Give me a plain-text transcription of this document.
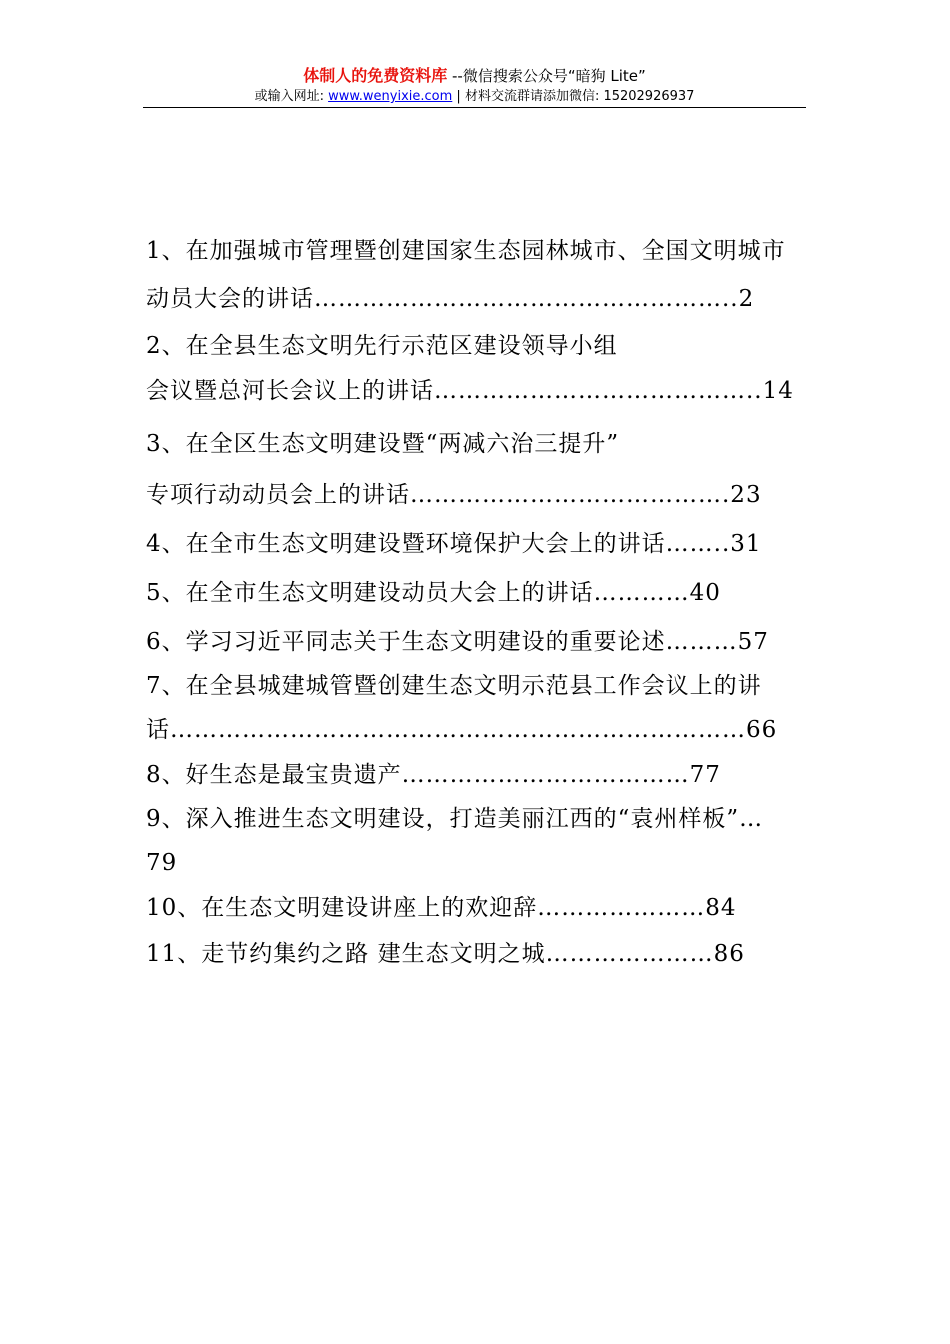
体制人的免费资料库 --微信搜索公众号“暗狗 Lite”
或输入网址: www.wenyixie.com | 材料交流群请添加微信: 15202926937
1、在加强城市管理暨创建国家生态园林城市、全国文明城市
动员大会的讲话……………………………………………..2
2、在全县生态文明先行示范区建设领导小组
会议暨总河长会议上的讲话…………………………………..14
3、在全区生态文明建设暨“两减六治三提升”
专项行动动员会上的讲话………………………………….23
4、在全市生态文明建设暨环境保护大会上的讲话……..31
5、在全市生态文明建设动员大会上的讲话…………40
6、学习习近平同志关于生态文明建设的重要论述………57
7、在全县城建城管暨创建生态文明示范县工作会议上的讲
话………………………………………………………………66
8、好生态是最宝贵遗产………………………………77
9、深入推进生态文明建设，打造美丽江西的“袁州样板”…
79
10、在生态文明建设讲座上的欢迎辞…………………84
11、走节约集约之路 建生态文明之城…………………86
